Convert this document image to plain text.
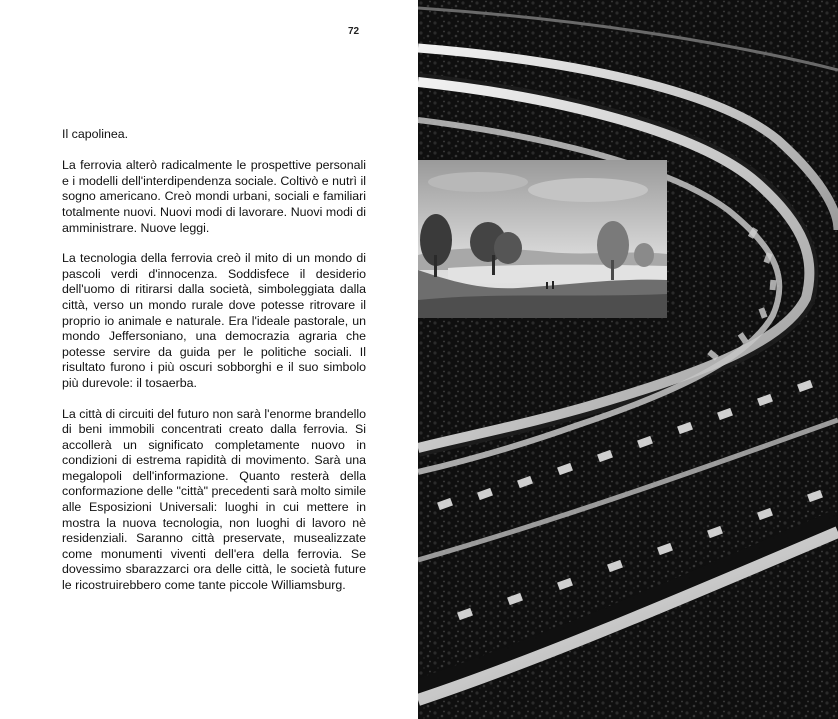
72

Il capolinea.

La ferrovia alterò radicalmente le prospettive personali e i modelli dell'interdipendenza sociale. Coltivò e nutrì il sogno americano. Creò mondi urbani, sociali e familiari totalmente nuovi. Nuovi modi di lavorare. Nuovi modi di amministrare. Nuove leggi.

La tecnologia della ferrovia creò il mito di un mondo di pascoli verdi d'innocenza. Soddisfece il desiderio dell'uomo di ritirarsi dalla società, simboleggiata dalla città, verso un mondo rurale dove potesse ritrovare il proprio io animale e naturale. Era l'ideale pastorale, un mondo Jeffersoniano, una democrazia agraria che potesse servire da guida per le politiche sociali. Il risultato furono i più oscuri sobborghi e il suo simbolo più durevole: il tosaerba.

La città di circuiti del futuro non sarà l'enorme brandello di beni immobili concentrati creato dalla ferrovia. Si accollerà un significato completamente nuovo in condizioni di estrema rapidità di movimento. Sarà una megalopoli dell'informazione. Quanto resterà della conformazione delle "città" precedenti sarà molto simile alle Esposizioni Universali: luoghi in cui mettere in mostra la nuova tecnologia, non luoghi di lavoro nè residenziali. Saranno città preservate, musealizzate come monumenti viventi dell'era della ferrovia. Se dovessimo sbarazzarci ora delle città, le società future le ricostruirebbero come tante piccole Williamsburg.
